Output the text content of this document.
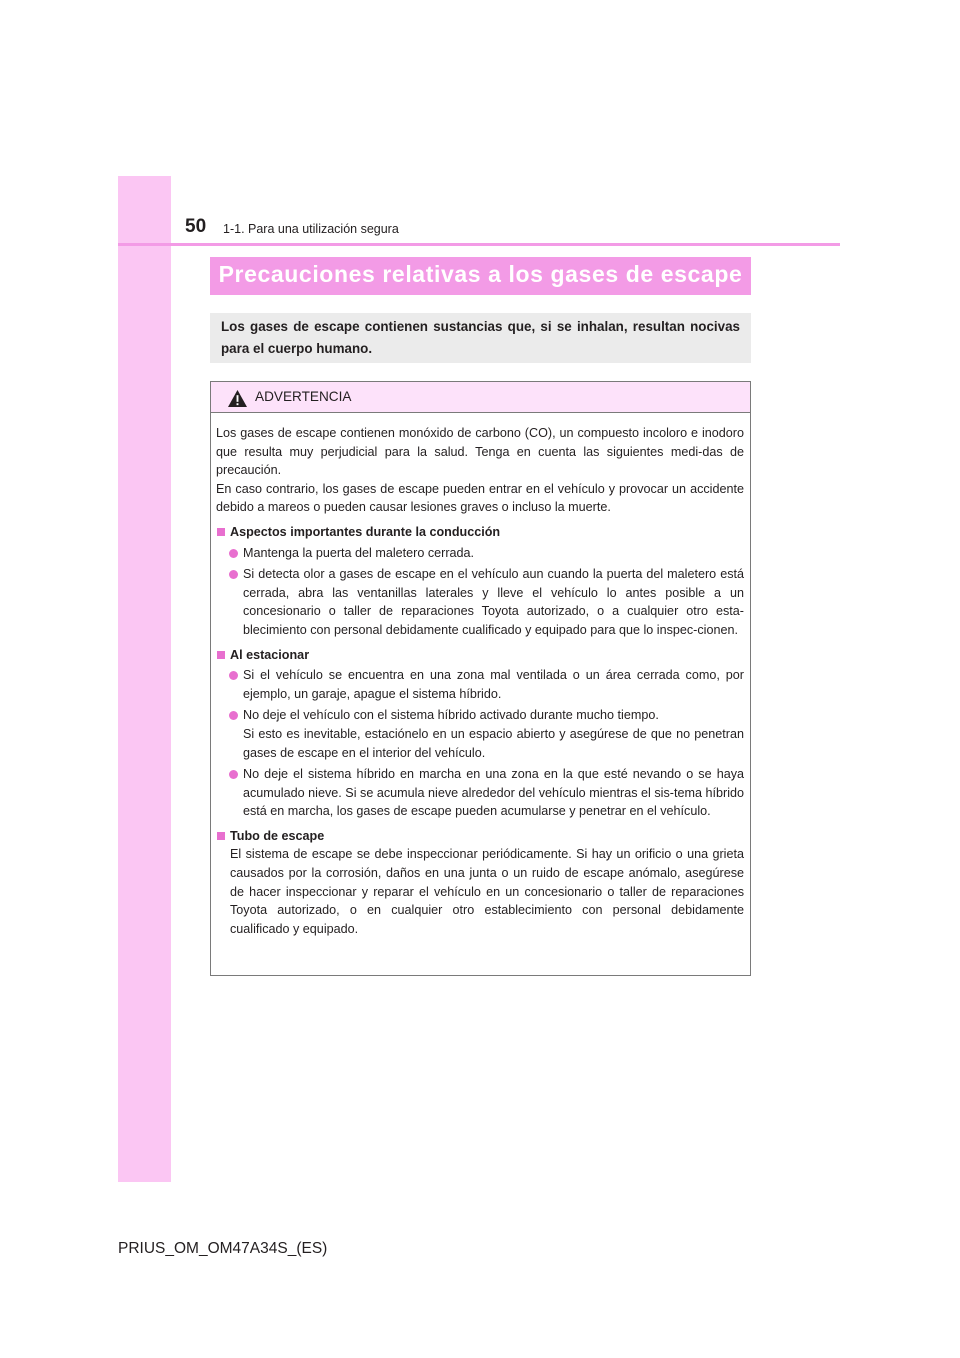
50 1-1. Para una utilización segura
Precauciones relativas a los gases de escape
Los gases de escape contienen sustancias que, si se inhalan, resultan nocivas para el cuerpo humano.
ADVERTENCIA

Los gases de escape contienen monóxido de carbono (CO), un compuesto incoloro e inodoro que resulta muy perjudicial para la salud. Tenga en cuenta las siguientes medi-das de precaución.

En caso contrario, los gases de escape pueden entrar en el vehículo y provocar un accidente debido a mareos o pueden causar lesiones graves o incluso la muerte.

Aspectos importantes durante la conducción

Mantenga la puerta del maletero cerrada.

Si detecta olor a gases de escape en el vehículo aun cuando la puerta del maletero está cerrada, abra las ventanillas laterales y lleve el vehículo lo antes posible a un concesionario o taller de reparaciones Toyota autorizado, o a cualquier otro esta-blecimiento con personal debidamente cualificado y equipado para que lo inspec-cionen.

Al estacionar

Si el vehículo se encuentra en una zona mal ventilada o un área cerrada como, por ejemplo, un garaje, apague el sistema híbrido.

No deje el vehículo con el sistema híbrido activado durante mucho tiempo.

Si esto es inevitable, estaciónelo en un espacio abierto y asegúrese de que no penetran gases de escape en el interior del vehículo.

No deje el sistema híbrido en marcha en una zona en la que esté nevando o se haya acumulado nieve. Si se acumula nieve alrededor del vehículo mientras el sis-tema híbrido está en marcha, los gases de escape pueden acumularse y penetrar en el vehículo.

Tubo de escape

El sistema de escape se debe inspeccionar periódicamente. Si hay un orificio o una grieta causados por la corrosión, daños en una junta o un ruido de escape anómalo, asegúrese de hacer inspeccionar y reparar el vehículo en un concesionario o taller de reparaciones Toyota autorizado, o en cualquier otro establecimiento con personal debidamente cualificado y equipado.

PRIUS_OM_OM47A34S_(ES)
